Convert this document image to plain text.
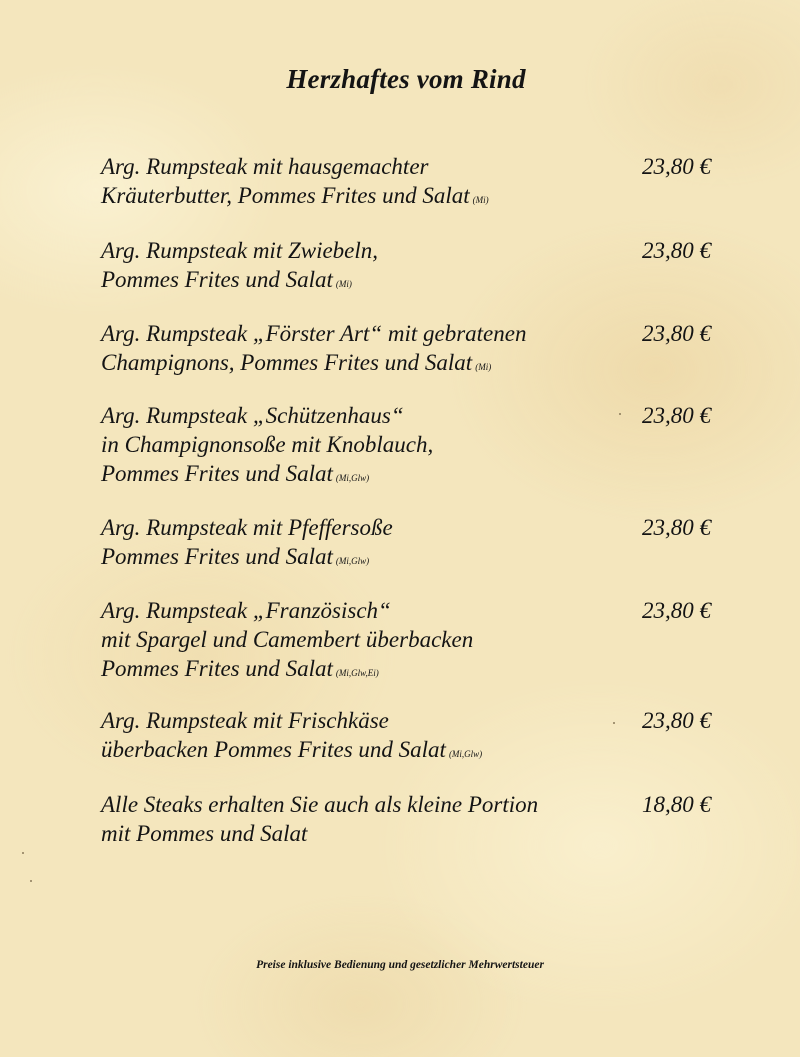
Herzhaftes vom Rind
Arg. Rumpsteak mit hausgemachter
Kräuterbutter, Pommes Frites und Salat (Mi)
23,80 €
Arg. Rumpsteak mit Zwiebeln,
Pommes Frites und Salat (Mi)
23,80 €
Arg. Rumpsteak „Förster Art“ mit gebratenen
Champignons, Pommes Frites und Salat (Mi)
23,80 €
Arg. Rumpsteak „Schützenhaus“
in Champignonsoße mit Knoblauch,
Pommes Frites und Salat (Mi,Glw)
23,80 €
Arg. Rumpsteak mit Pfeffersoße
Pommes Frites und Salat (Mi,Glw)
23,80 €
Arg. Rumpsteak „Französisch“
mit Spargel und Camembert überbacken
Pommes Frites und Salat (Mi,Glw,Ei)
23,80 €
Arg. Rumpsteak mit Frischkäse
überbacken Pommes Frites und Salat (Mi,Glw)
23,80 €
Alle Steaks erhalten Sie auch als kleine Portion
mit Pommes und Salat
18,80 €
Preise inklusive Bedienung und gesetzlicher Mehrwertsteuer
